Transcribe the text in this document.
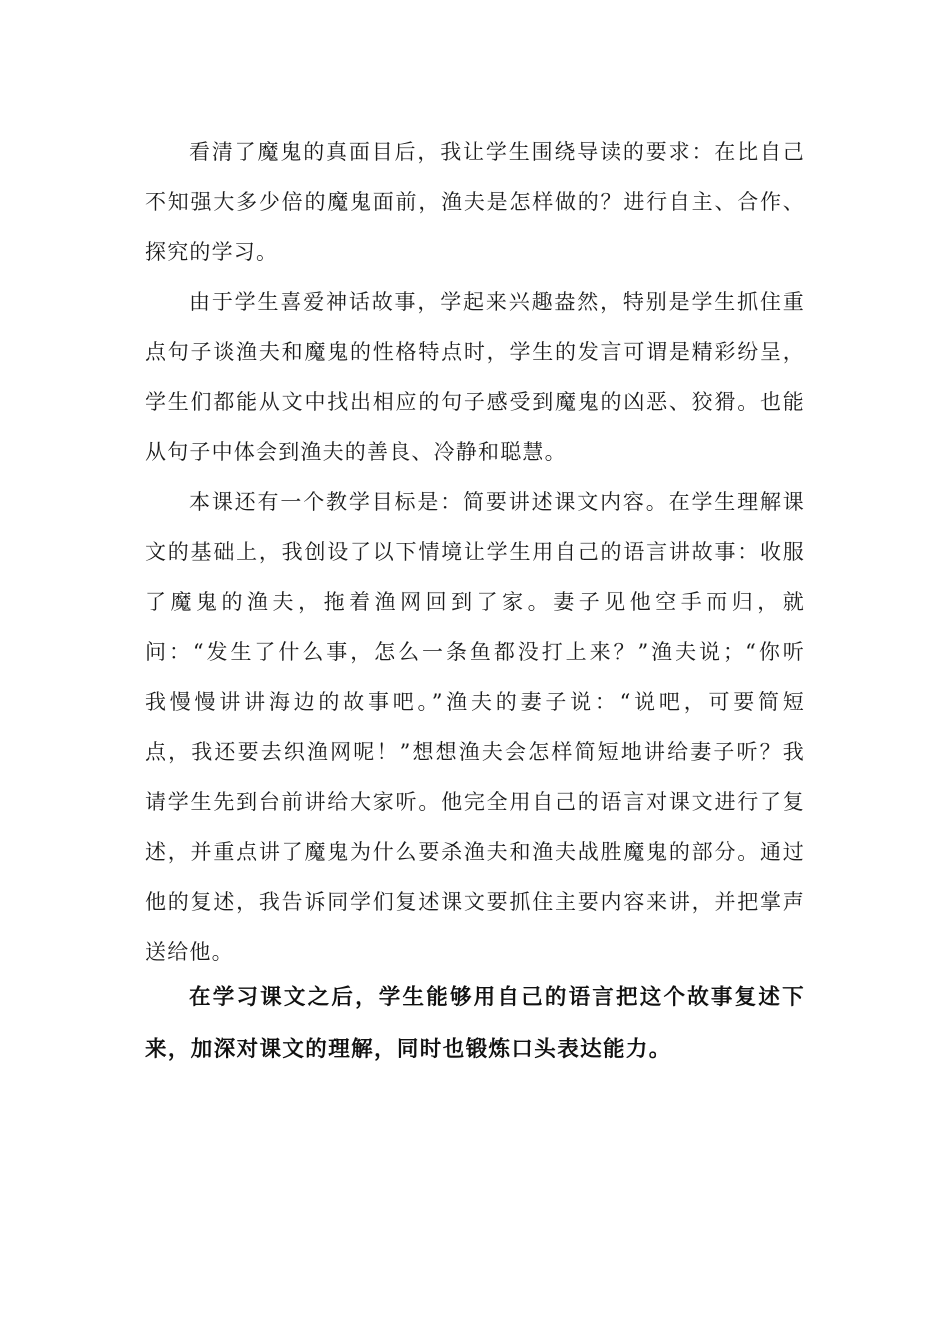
看清了魔鬼的真面目后，我让学生围绕导读的要求：在比自己
不知强大多少倍的魔鬼面前，渔夫是怎样做的？进行自主、合作、
探究的学习。
由于学生喜爱神话故事，学起来兴趣盎然，特别是学生抓住重
点句子谈渔夫和魔鬼的性格特点时，学生的发言可谓是精彩纷呈，
学生们都能从文中找出相应的句子感受到魔鬼的凶恶、狡猾。也能
从句子中体会到渔夫的善良、冷静和聪慧。
本课还有一个教学目标是：简要讲述课文内容。在学生理解课
文的基础上，我创设了以下情境让学生用自己的语言讲故事：收服
了魔鬼的渔夫，拖着渔网回到了家。妻子见他空手而归，就
问：“发生了什么事，怎么一条鱼都没打上来？”渔夫说；“你听
我慢慢讲讲海边的故事吧。”渔夫的妻子说：“说吧，可要简短
点，我还要去织渔网呢！”想想渔夫会怎样简短地讲给妻子听？我
请学生先到台前讲给大家听。他完全用自己的语言对课文进行了复
述，并重点讲了魔鬼为什么要杀渔夫和渔夫战胜魔鬼的部分。通过
他的复述，我告诉同学们复述课文要抓住主要内容来讲，并把掌声
送给他。
在学习课文之后，学生能够用自己的语言把这个故事复述下
来，加深对课文的理解，同时也锻炼口头表达能力。
